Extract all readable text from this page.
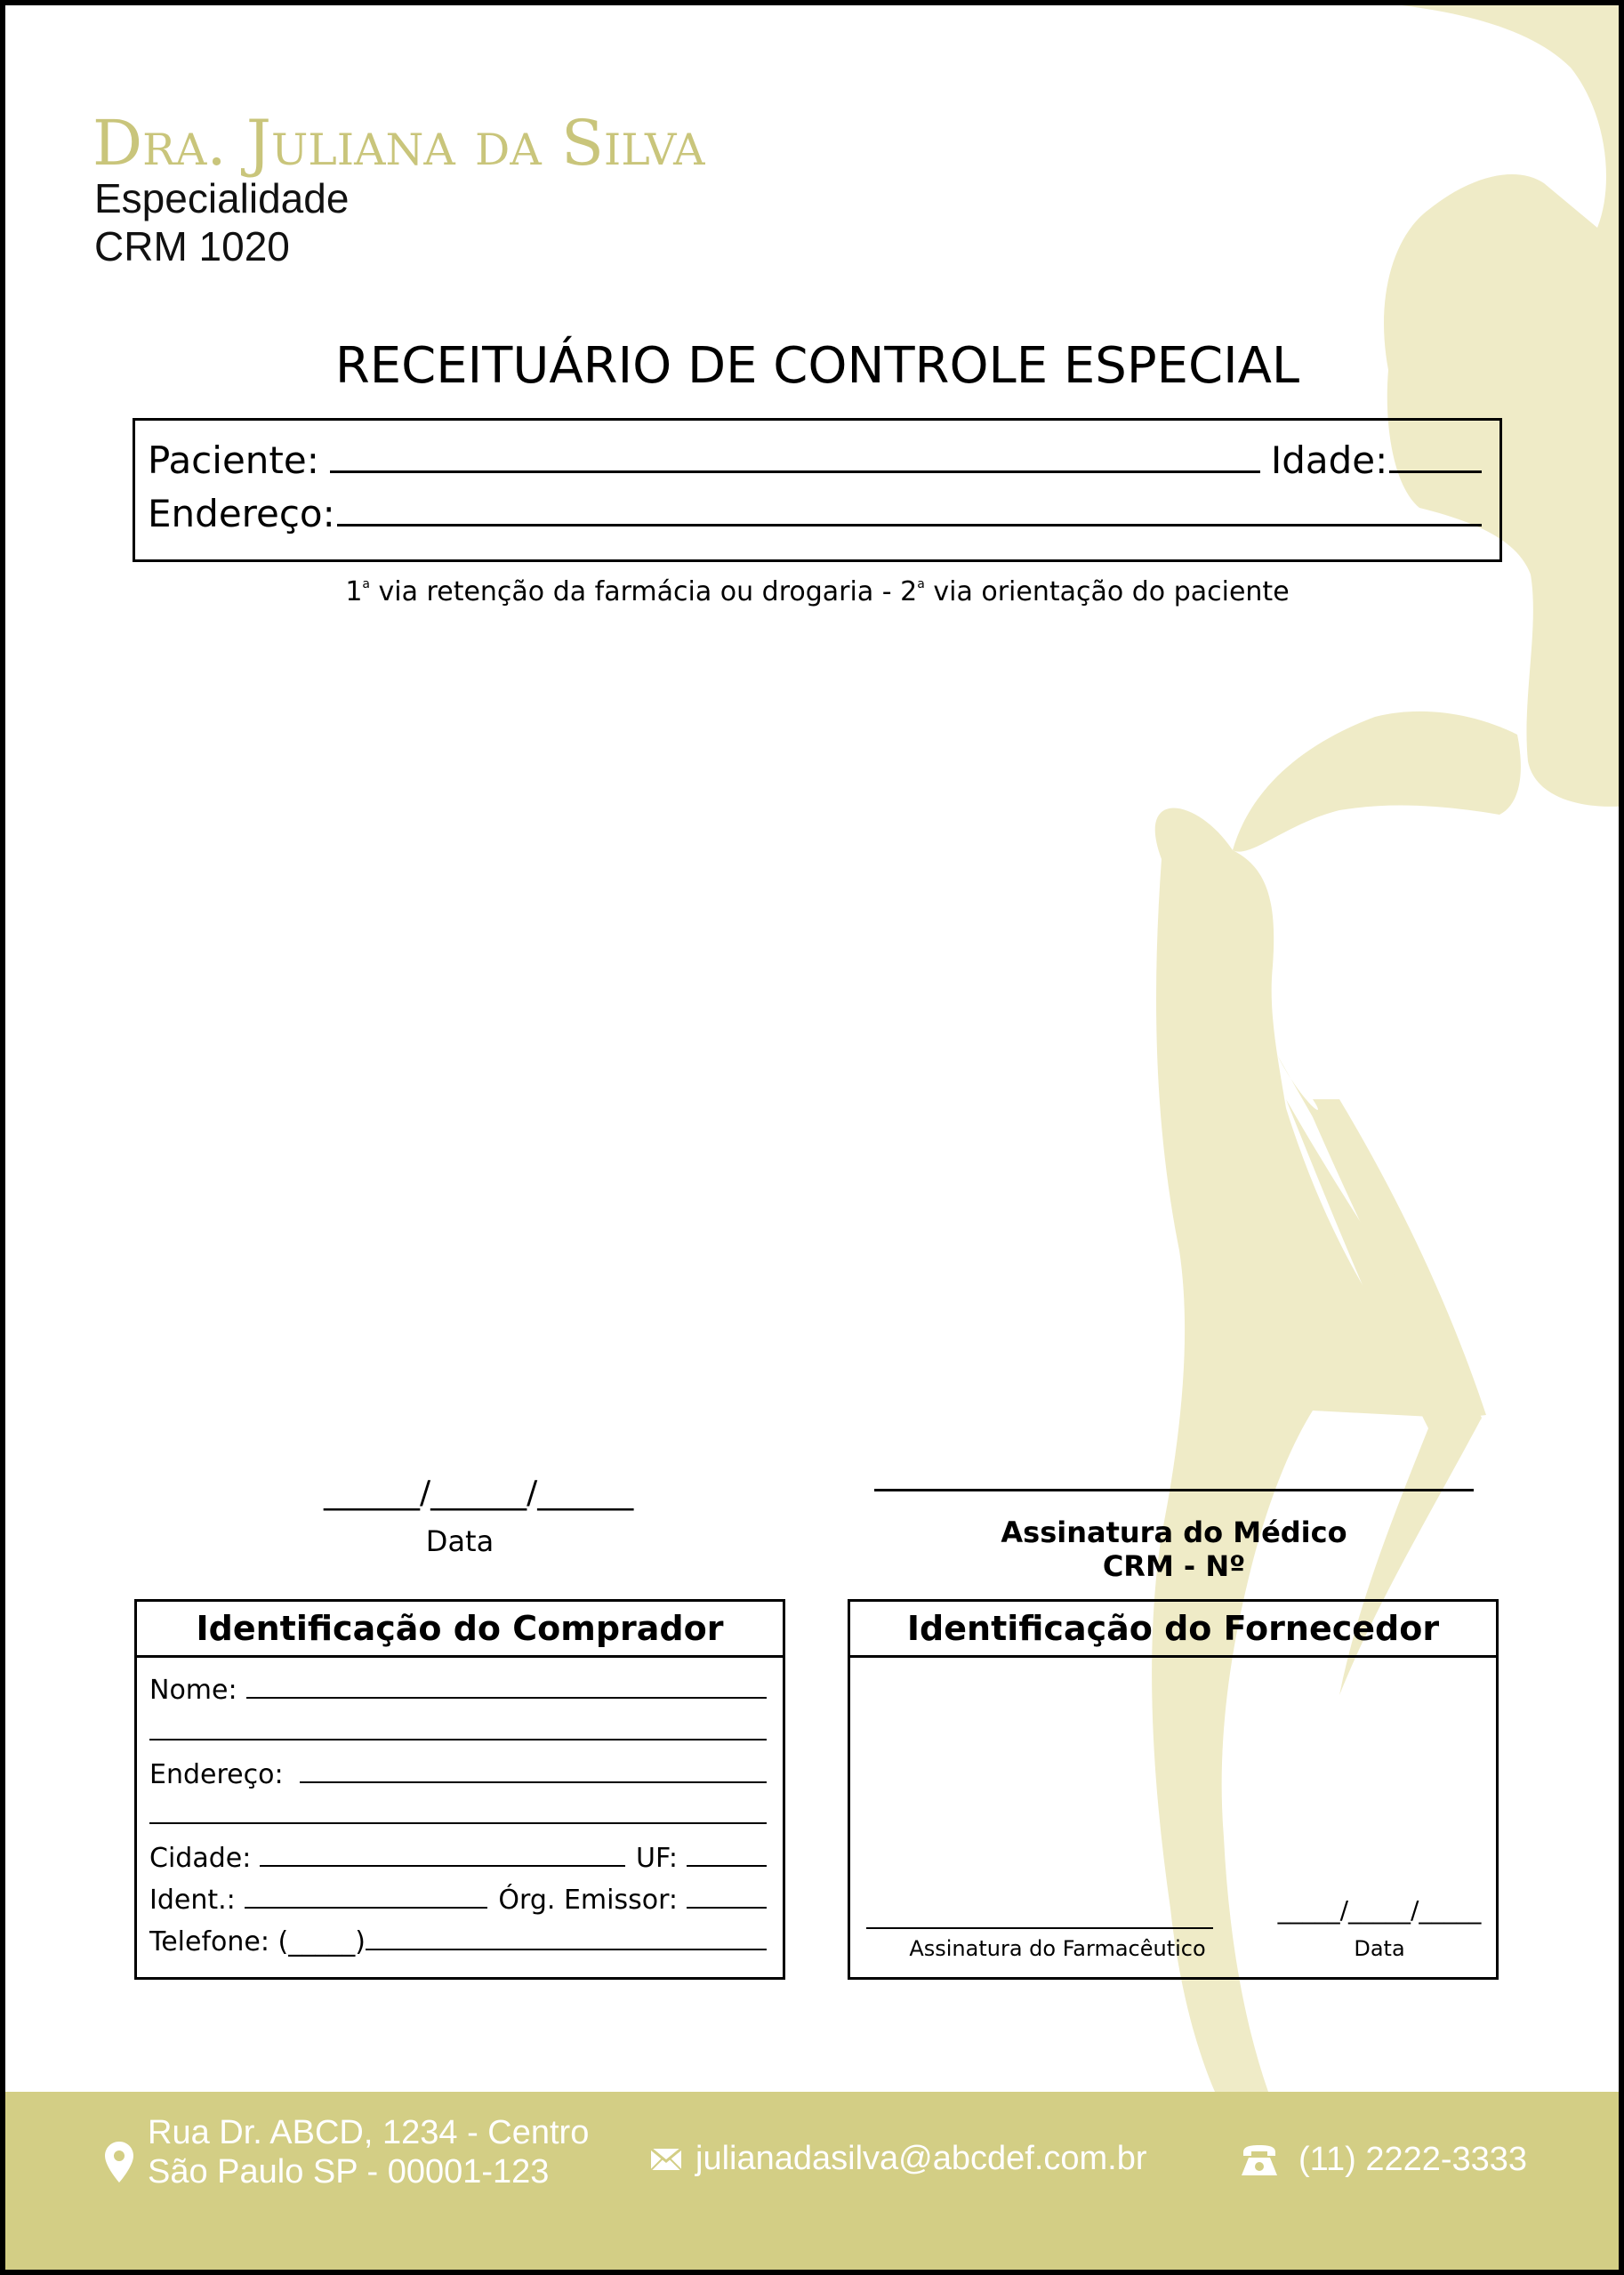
Dra. Juliana da Silva
Especialidade
CRM 1020
RECEITUÁRIO DE CONTROLE ESPECIAL
Paciente:	Idade:
Endereço:
1$^a$ via retenção da farmácia ou drogaria - 2$^a$ via orientação do paciente
______/______/______
Data	Assinatura do Médico
CRM - Nº
Identificação do Comprador
Nome:
Endereço:
Cidade:	UF:
Ident.:	Órg. Emissor:
Telefone: (_____)
Identificação do Fornecedor
Assinatura do Farmacêutico
_____/_____/_____
Data
Rua Dr. ABCD, 1234 - Centro
São Paulo SP - 00001-123	julianadasilva@abcdef.com.br	(11) 2222-3333
